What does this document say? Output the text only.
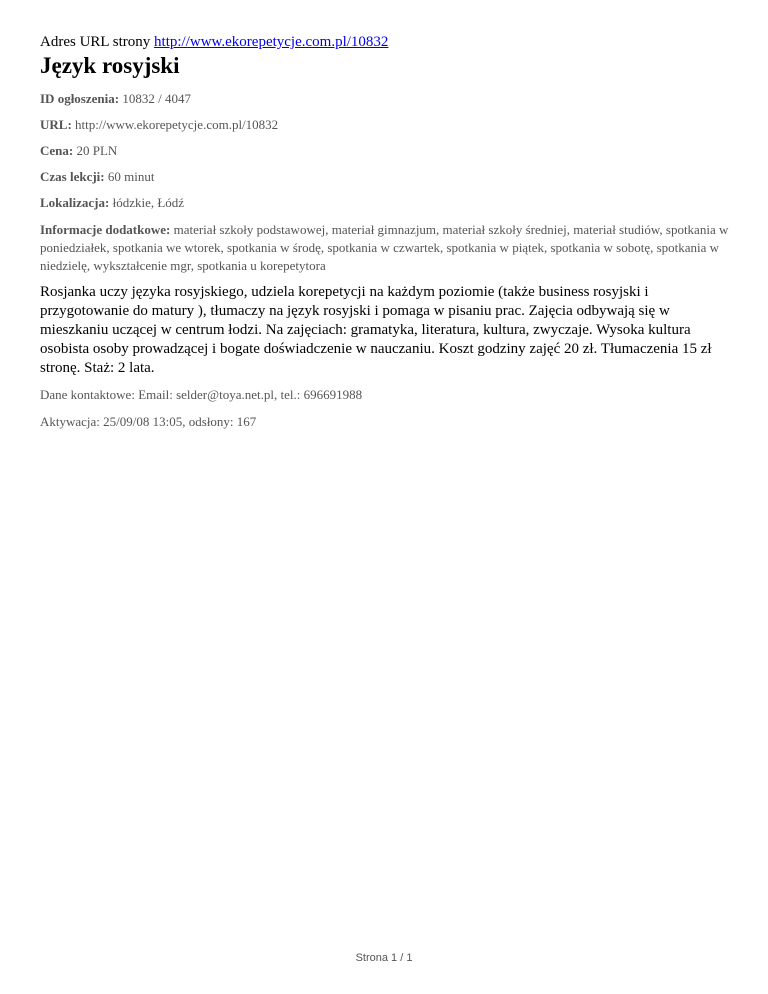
Adres URL strony http://www.ekorepetycje.com.pl/10832

Język rosyjski

ID ogłoszenia: 10832 / 4047

URL: http://www.ekorepetycje.com.pl/10832

Cena: 20 PLN

Czas lekcji: 60 minut

Lokalizacja: łódzkie, Łódź

Informacje dodatkowe: materiał szkoły podstawowej, materiał gimnazjum, materiał szkoły średniej, materiał studiów, spotkania w poniedziałek, spotkania we wtorek, spotkania w środę, spotkania w czwartek, spotkania w piątek, spotkania w sobotę, spotkania w niedzielę, wykształcenie mgr, spotkania u korepetytora

Rosjanka uczy języka rosyjskiego, udziela korepetycji na każdym poziomie (także business rosyjski i przygotowanie do matury ), tłumaczy na język rosyjski i pomaga w pisaniu prac. Zajęcia odbywają się w mieszkaniu uczącej w centrum łodzi. Na zajęciach: gramatyka, literatura, kultura, zwyczaje. Wysoka kultura osobista osoby prowadzącej i bogate doświadczenie w nauczaniu. Koszt godziny zajęć 20 zł. Tłumaczenia 15 zł stronę. Staż: 2 lata.

Dane kontaktowe: Email: selder@toya.net.pl, tel.: 696691988

Aktywacja: 25/09/08 13:05, odsłony: 167

Strona 1 / 1
